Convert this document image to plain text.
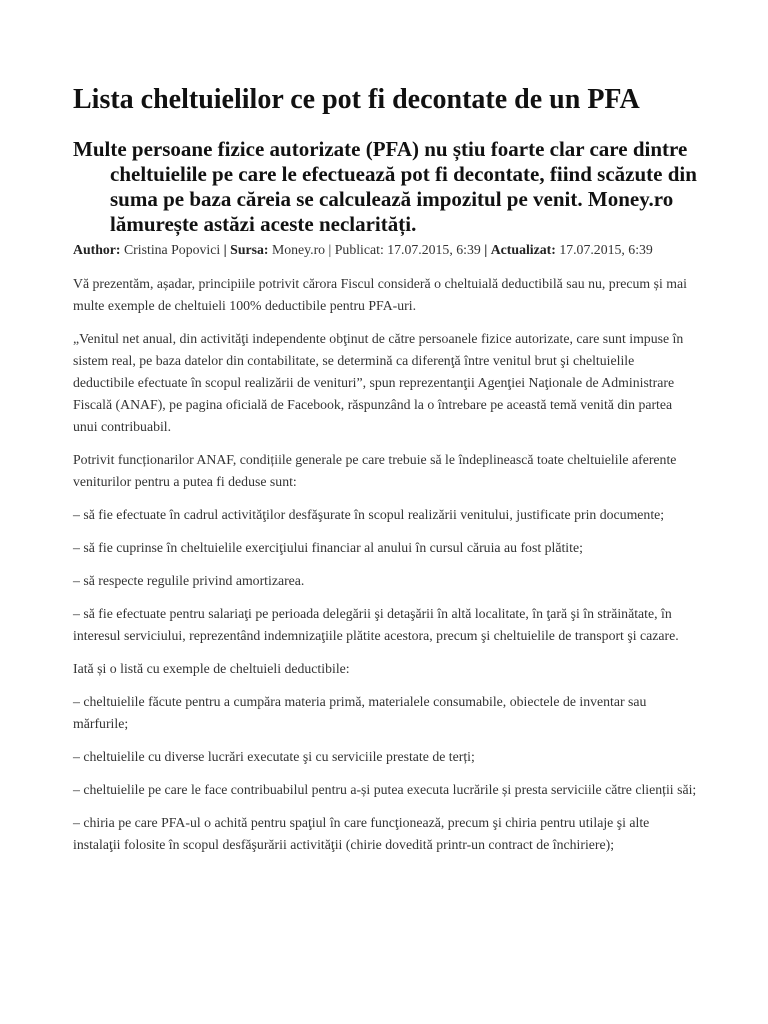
Lista cheltuielilor ce pot fi decontate de un PFA
Multe persoane fizice autorizate (PFA) nu știu foarte clar care dintre cheltuielile pe care le efectuează pot fi decontate, fiind scăzute din suma pe baza căreia se calculează impozitul pe venit. Money.ro lămurește astăzi aceste neclarități.
Author: Cristina Popovici | Sursa: Money.ro | Publicat: 17.07.2015, 6:39 | Actualizat: 17.07.2015, 6:39

Vă prezentăm, așadar, principiile potrivit cărora Fiscul consideră o cheltuială deductibilă sau nu, precum și mai multe exemple de cheltuieli 100% deductibile pentru PFA-uri.

„Venitul net anual, din activităţi independente obţinut de către persoanele fizice autorizate, care sunt impuse în sistem real, pe baza datelor din contabilitate, se determină ca diferenţă între venitul brut şi cheltuielile deductibile efectuate în scopul realizării de venituri”, spun reprezentanţii Agenţiei Naţionale de Administrare Fiscală (ANAF), pe pagina oficială de Facebook, răspunzând la o întrebare pe această temă venită din partea unui contribuabil.

Potrivit funcționarilor ANAF, condițiile generale pe care trebuie să le îndeplinească toate cheltuielile aferente veniturilor pentru a putea fi deduse sunt:

– să fie efectuate în cadrul activităţilor desfăşurate în scopul realizării venitului, justificate prin documente;

– să fie cuprinse în cheltuielile exerciţiului financiar al anului în cursul căruia au fost plătite;

– să respecte regulile privind amortizarea.

– să fie efectuate pentru salariaţi pe perioada delegării şi detaşării în altă localitate, în ţară şi în străinătate, în interesul serviciului, reprezentând indemnizaţiile plătite acestora, precum şi cheltuielile de transport şi cazare.

Iată și o listă cu exemple de cheltuieli deductibile:

– cheltuielile făcute pentru a cumpăra materia primă, materialele consumabile, obiectele de inventar sau mărfurile;

– cheltuielile cu diverse lucrări executate şi cu serviciile prestate de terți;

– cheltuielile pe care le face contribuabilul pentru a-și putea executa lucrările și presta serviciile către clienții săi;

– chiria pe care PFA-ul o achită pentru spaţiul în care funcţionează, precum şi chiria pentru utilaje şi alte instalaţii folosite în scopul desfăşurării activităţii (chirie dovedită printr-un contract de închiriere);
